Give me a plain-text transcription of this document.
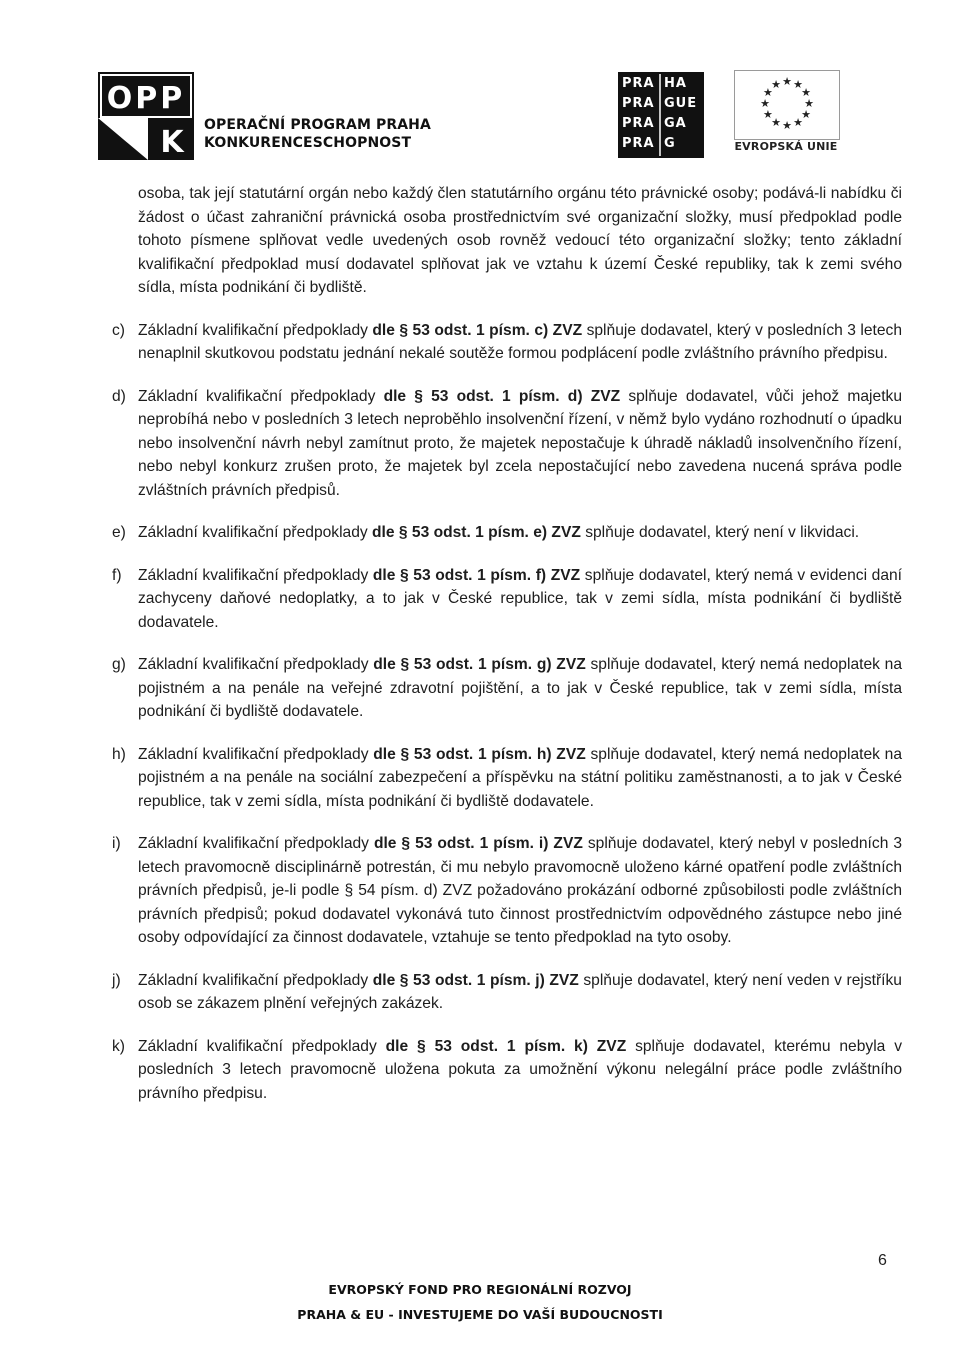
OPP
K OPERAČNÍ PROGRAM PRAHA
KONKURENCESCHOPNOST
PRA HA
PRA GUE
PRA GA
PRA G
★ ★
★
★
★
★
★
★
★
★
★
★
EVROPSKÁ UNIE
osoba, tak její statutární orgán nebo každý člen statutárního orgánu této právnické osoby; podává-li nabídku či žádost o účast zahraniční právnická osoba prostřednictvím své organizační složky, musí předpoklad podle tohoto písmene splňovat vedle uvedených osob rovněž vedoucí této organizační složky; tento základní kvalifikační předpoklad musí dodavatel splňovat jak ve vztahu k území České republiky, tak k zemi svého sídla, místa podnikání či bydliště.
c) Základní kvalifikační předpoklady dle § 53 odst. 1 písm. c) ZVZ splňuje dodavatel, který v posledních 3 letech nenaplnil skutkovou podstatu jednání nekalé soutěže formou podplácení podle zvláštního právního předpisu.
d) Základní kvalifikační předpoklady dle § 53 odst. 1 písm. d) ZVZ splňuje dodavatel, vůči jehož majetku neprobíhá nebo v posledních 3 letech neproběhlo insolvenční řízení, v němž bylo vydáno rozhodnutí o úpadku nebo insolvenční návrh nebyl zamítnut proto, že majetek nepostačuje k úhradě nákladů insolvenčního řízení, nebo nebyl konkurz zrušen proto, že majetek byl zcela nepostačující nebo zavedena nucená správa podle zvláštních právních předpisů.
e) Základní kvalifikační předpoklady dle § 53 odst. 1 písm. e) ZVZ splňuje dodavatel, který není v likvidaci.
f)	Základní kvalifikační předpoklady dle § 53 odst. 1 písm. f) ZVZ splňuje dodavatel, který nemá v evidenci daní zachyceny daňové nedoplatky, a to jak v České republice, tak v zemi sídla, místa podnikání či bydliště dodavatele.
g) Základní kvalifikační předpoklady dle § 53 odst. 1 písm. g) ZVZ splňuje dodavatel, který nemá nedoplatek na pojistném a na penále na veřejné zdravotní pojištění, a to jak v České republice, tak v zemi sídla, místa podnikání či bydliště dodavatele.
h) Základní kvalifikační předpoklady dle § 53 odst. 1 písm. h) ZVZ splňuje dodavatel, který nemá nedoplatek na pojistném a na penále na sociální zabezpečení a příspěvku na státní politiku zaměstnanosti, a to jak v České republice, tak v zemi sídla, místa podnikání či bydliště dodavatele.
i)	Základní kvalifikační předpoklady dle § 53 odst. 1 písm. i) ZVZ splňuje dodavatel, který nebyl v posledních 3 letech pravomocně disciplinárně potrestán, či mu nebylo pravomocně uloženo kárné opatření podle zvláštních právních předpisů, je-li podle § 54 písm. d) ZVZ požadováno prokázání odborné způsobilosti podle zvláštních právních předpisů; pokud dodavatel vykonává tuto činnost prostřednictvím odpovědného zástupce nebo jiné osoby odpovídající za činnost dodavatele, vztahuje se tento předpoklad na tyto osoby.
j)	Základní kvalifikační předpoklady dle § 53 odst. 1 písm. j) ZVZ splňuje dodavatel, který není veden v rejstříku osob se zákazem plnění veřejných zakázek.
k) Základní kvalifikační předpoklady dle § 53 odst. 1 písm. k) ZVZ splňuje dodavatel, kterému nebyla v posledních 3 letech pravomocně uložena pokuta za umožnění výkonu nelegální práce podle zvláštního právního předpisu.
6
EVROPSKÝ FOND PRO REGIONÁLNÍ ROZVOJ
PRAHA & EU - INVESTUJEME DO VAŠÍ BUDOUCNOSTI
